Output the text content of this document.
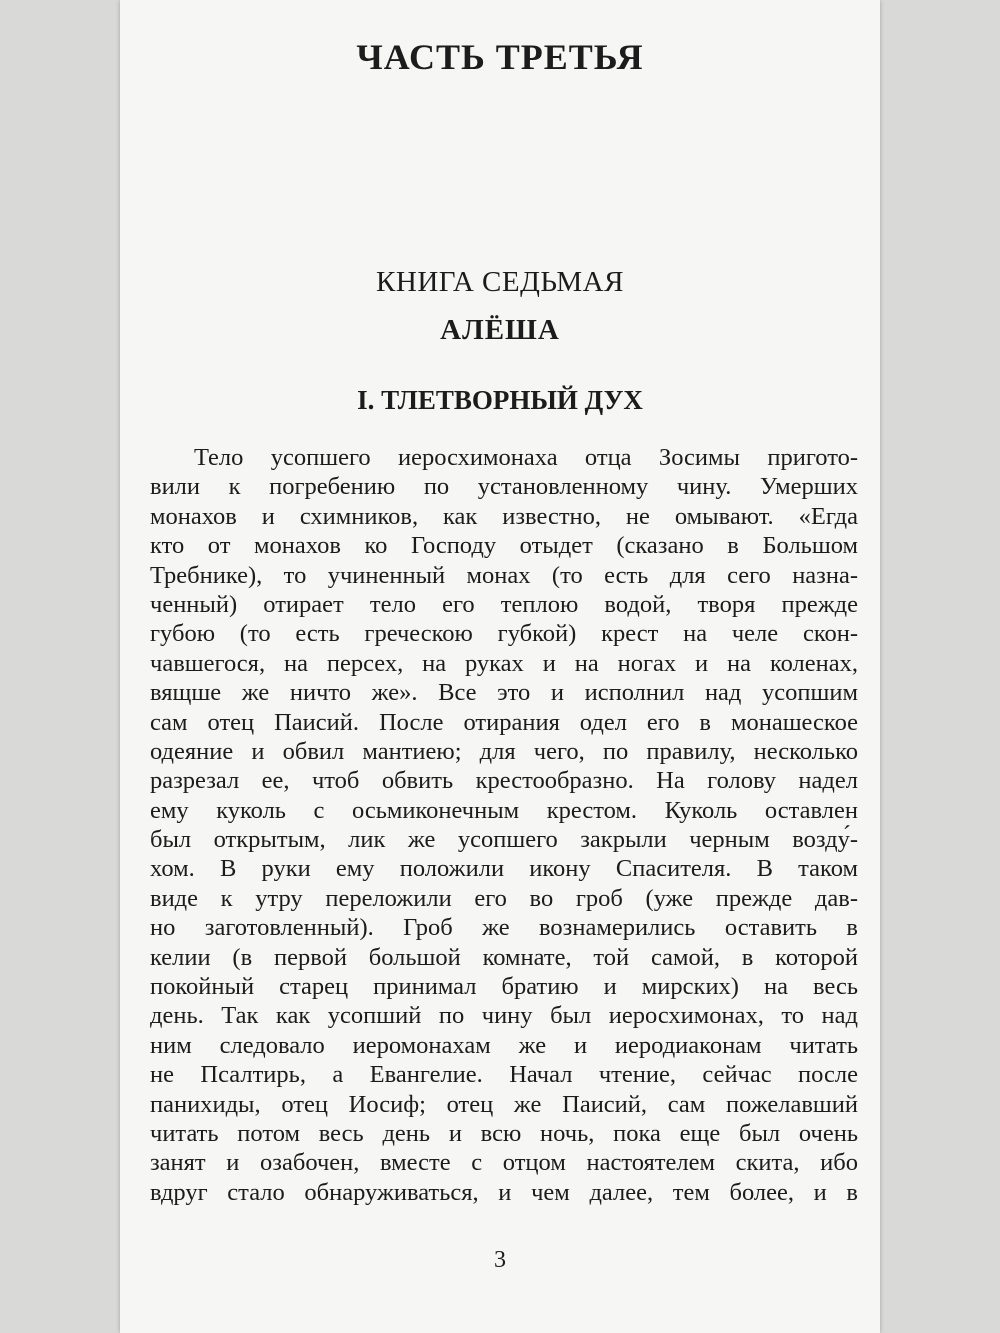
ЧАСТЬ ТРЕТЬЯ
КНИГА СЕДЬМАЯ
АЛЁША
I. ТЛЕТВОРНЫЙ ДУХ
Тело усопшего иеросхимонаха отца Зосимы пригото-
вили к погребению по установленному чину. Умерших
монахов и схимников, как известно, не омывают. «Егда
кто от монахов ко Господу отыдет (сказано в Большом
Требнике), то учиненный монах (то есть для сего назна-
ченный) отирает тело его теплою водой, творя прежде
губою (то есть греческою губкой) крест на челе скон-
чавшегося, на персех, на руках и на ногах и на коленах,
вящше же ничто же». Все это и исполнил над усопшим
сам отец Паисий. После отирания одел его в монашеское
одеяние и обвил мантиею; для чего, по правилу, несколько
разрезал ее, чтоб обвить крестообразно. На голову надел
ему куколь с осьмиконечным крестом. Куколь оставлен
был открытым, лик же усопшего закрыли черным возду́-
хом. В руки ему положили икону Спасителя. В таком
виде к утру переложили его во гроб (уже прежде дав-
но заготовленный). Гроб же вознамерились оставить в
келии (в первой большой комнате, той самой, в которой
покойный старец принимал братию и мирских) на весь
день. Так как усопший по чину был иеросхимонах, то над
ним следовало иеромонахам же и иеродиаконам читать
не Псалтирь, а Евангелие. Начал чтение, сейчас после
панихиды, отец Иосиф; отец же Паисий, сам пожелавший
читать потом весь день и всю ночь, пока еще был очень
занят и озабочен, вместе с отцом настоятелем скита, ибо
вдруг стало обнаруживаться, и чем далее, тем более, и в
3
